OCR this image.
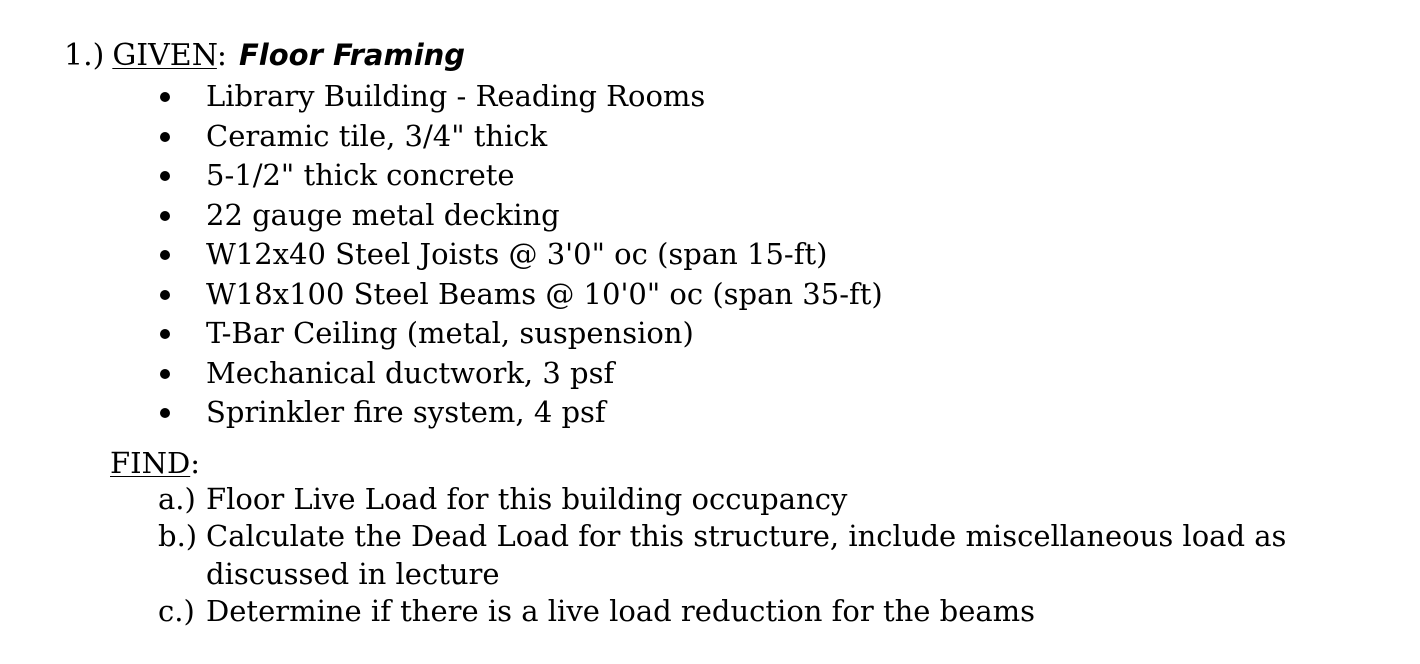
1.) GIVEN: Floor Framing
Library Building - Reading Rooms
Ceramic tile, 3/4" thick
5-1/2" thick concrete
22 gauge metal decking
W12x40 Steel Joists @ 3'0" oc (span 15-ft)
W18x100 Steel Beams @ 10'0" oc (span 35-ft)
T-Bar Ceiling (metal, suspension)
Mechanical ductwork, 3 psf
Sprinkler fire system, 4 psf
FIND:
a.) Floor Live Load for this building occupancy
b.) Calculate the Dead Load for this structure, include miscellaneous load as discussed in lecture
c.) Determine if there is a live load reduction for the beams
